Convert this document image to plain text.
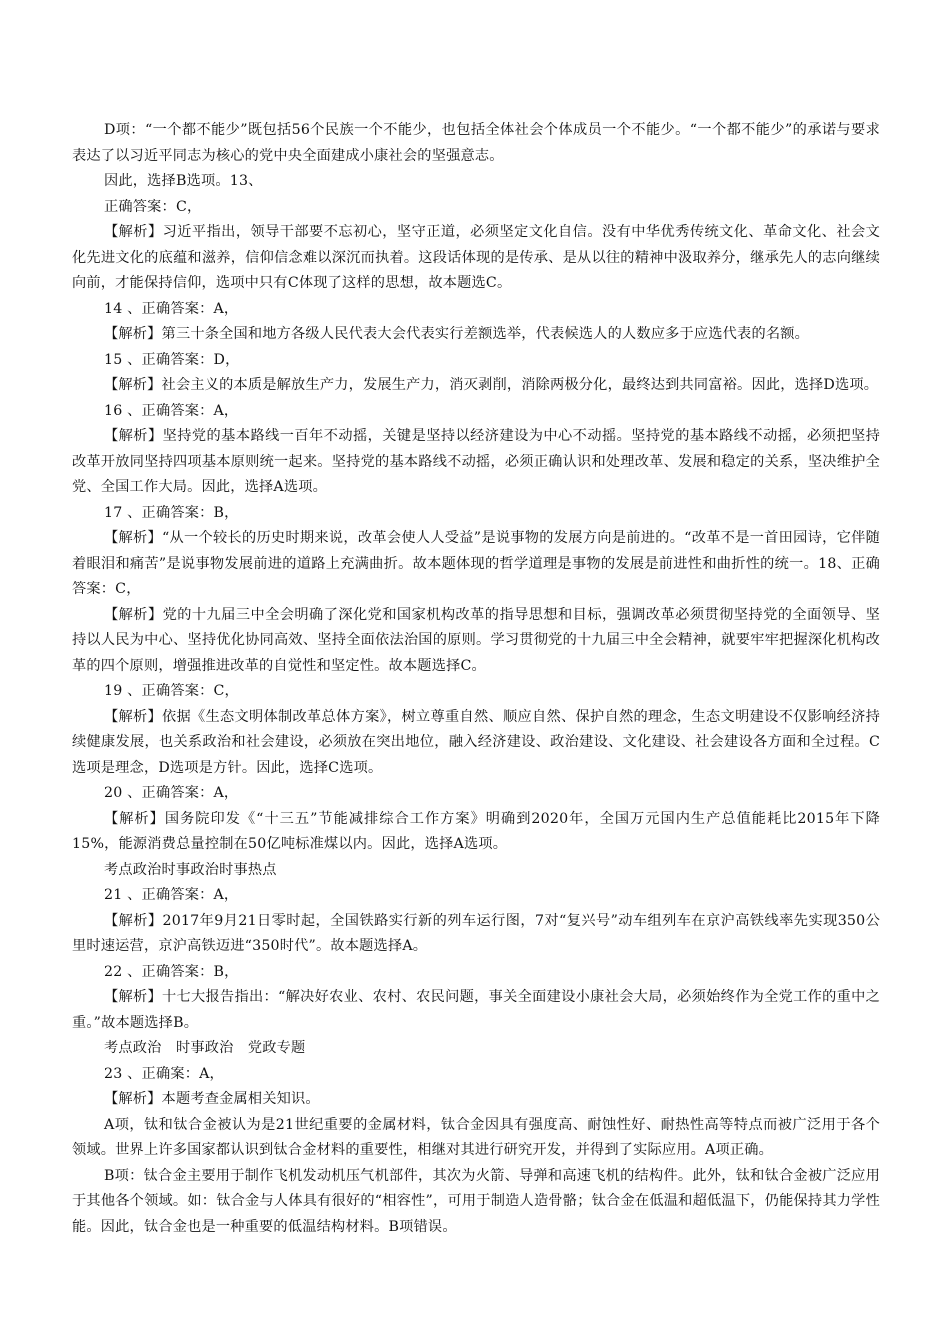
D项：“一个都不能少”既包括56个民族一个不能少，也包括全体社会个体成员一个不能少。“一个都不能少”的承诺与要求表达了以习近平同志为核心的党中央全面建成小康社会的坚强意志。

因此，选择B选项。13、

正确答案：C，

【解析】习近平指出，领导干部要不忘初心，坚守正道，必须坚定文化自信。没有中华优秀传统文化、革命文化、社会文化先进文化的底蕴和滋养，信仰信念难以深沉而执着。这段话体现的是传承、是从以往的精神中汲取养分，继承先人的志向继续向前，才能保持信仰，选项中只有C体现了这样的思想，故本题选C。

14 、正确答案：A，

【解析】第三十条全国和地方各级人民代表大会代表实行差额选举，代表候选人的人数应多于应选代表的名额。

15 、正确答案：D，

【解析】社会主义的本质是解放生产力，发展生产力，消灭剥削，消除两极分化，最终达到共同富裕。因此，选择D选项。

16 、正确答案：A，

【解析】坚持党的基本路线一百年不动摇，关键是坚持以经济建设为中心不动摇。坚持党的基本路线不动摇，必须把坚持改革开放同坚持四项基本原则统一起来。坚持党的基本路线不动摇，必须正确认识和处理改革、发展和稳定的关系，坚决维护全党、全国工作大局。因此，选择A选项。

17 、正确答案：B，

【解析】“从一个较长的历史时期来说，改革会使人人受益”是说事物的发展方向是前进的。“改革不是一首田园诗，它伴随着眼泪和痛苦”是说事物发展前进的道路上充满曲折。故本题体现的哲学道理是事物的发展是前进性和曲折性的统一。18、正确答案：C，

【解析】党的十九届三中全会明确了深化党和国家机构改革的指导思想和目标，强调改革必须贯彻坚持党的全面领导、坚持以人民为中心、坚持优化协同高效、坚持全面依法治国的原则。学习贯彻党的十九届三中全会精神，就要牢牢把握深化机构改革的四个原则，增强推进改革的自觉性和坚定性。故本题选择C。

19 、正确答案：C，

【解析】依据《生态文明体制改革总体方案》，树立尊重自然、顺应自然、保护自然的理念，生态文明建设不仅影响经济持续健康发展，也关系政治和社会建设，必须放在突出地位，融入经济建设、政治建设、文化建设、社会建设各方面和全过程。C选项是理念，D选项是方针。因此，选择C选项。

20 、正确答案：A，

【解析】国务院印发《“十三五”节能减排综合工作方案》明确到2020年，全国万元国内生产总值能耗比2015年下降15%，能源消费总量控制在50亿吨标准煤以内。因此，选择A选项。

考点政治时事政治时事热点

21 、正确答案：A，

【解析】2017年9月21日零时起，全国铁路实行新的列车运行图，7对“复兴号”动车组列车在京沪高铁线率先实现350公里时速运营，京沪高铁迈进“350时代”。故本题选择A。

22 、正确答案：B，

【解析】十七大报告指出：“解决好农业、农村、农民问题，事关全面建设小康社会大局，必须始终作为全党工作的重中之重。”故本题选择B。

考点政治　时事政治　党政专题

23 、正确案：A，

【解析】本题考查金属相关知识。

A项，钛和钛合金被认为是21世纪重要的金属材料，钛合金因具有强度高、耐蚀性好、耐热性高等特点而被广泛用于各个领域。世界上许多国家都认识到钛合金材料的重要性，相继对其进行研究开发，并得到了实际应用。A项正确。

B项：钛合金主要用于制作飞机发动机压气机部件，其次为火箭、导弹和高速飞机的结构件。此外，钛和钛合金被广泛应用于其他各个领域。如：钛合金与人体具有很好的“相容性”，可用于制造人造骨骼；钛合金在低温和超低温下，仍能保持其力学性能。因此，钛合金也是一种重要的低温结构材料。B项错误。
